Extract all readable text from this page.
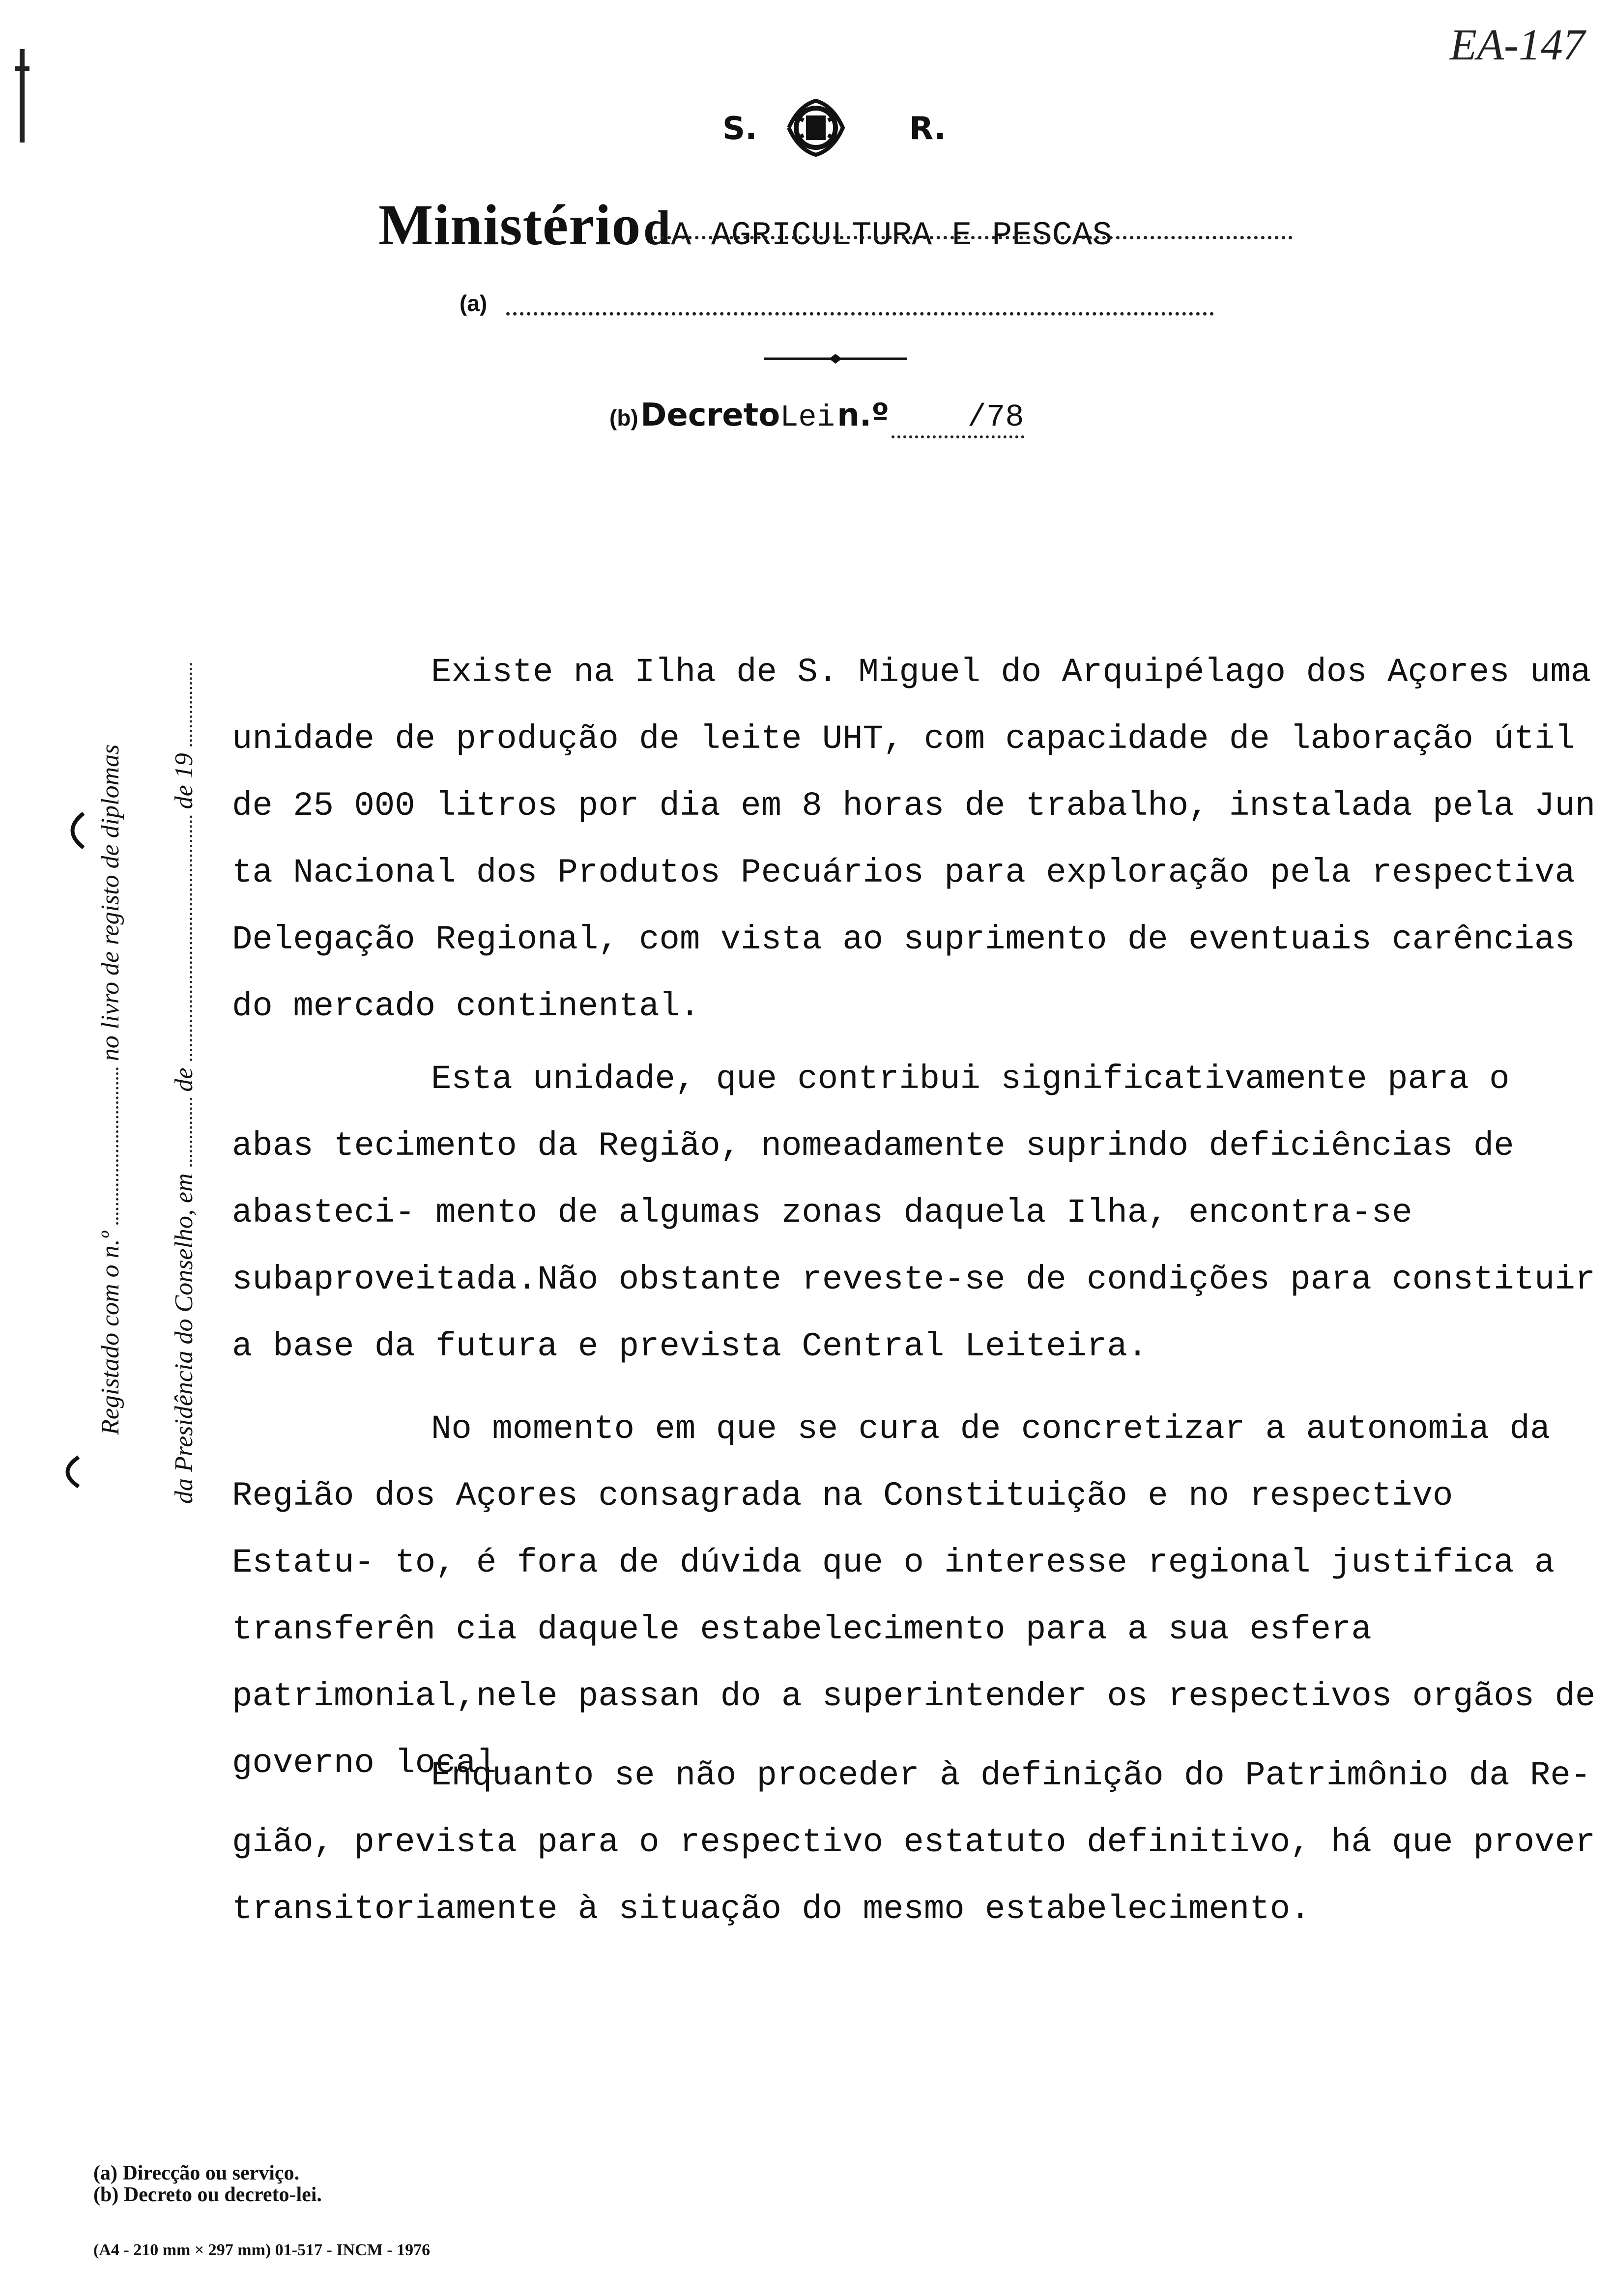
EA-147
S.	R.
Ministério dA AGRICULTURA E PESCAS
(a)
(b) DecretoLei n.º /78
Registado com o n.º  no livro de registo de diplomas
da Presidência do Conselho, em  de  de 19
Existe na Ilha de S. Miguel do Arquipélago dos Açores uma unidade de produção de leite UHT, com capacidade de laboração útil de 25 000 litros por dia em 8 horas de trabalho, instalada pela Jun ta Nacional dos Produtos Pecuários para exploração pela respectiva Delegação Regional, com vista ao suprimento de eventuais carências do mercado continental.
Esta unidade, que contribui significativamente para o abas tecimento da Região, nomeadamente suprindo deficiências de abasteci- mento de algumas zonas daquela Ilha, encontra-se subaproveitada.Não obstante reveste-se de condições para constituir a base da futura e prevista Central Leiteira.
No momento em que se cura de concretizar a autonomia da Região dos Açores consagrada na Constituição e no respectivo Estatu- to, é fora de dúvida que o interesse regional justifica a transferên cia daquele estabelecimento para a sua esfera patrimonial,nele passan do a superintender os respectivos orgãos de governo local.
Enquanto se não proceder à definição do Patrimônio da Re- gião, prevista para o respectivo estatuto definitivo, há que prover transitoriamente à situação do mesmo estabelecimento.
(a) Direcção ou serviço.
(b) Decreto ou decreto-lei.
(A4 - 210 mm × 297 mm) 01-517 - INCM - 1976
